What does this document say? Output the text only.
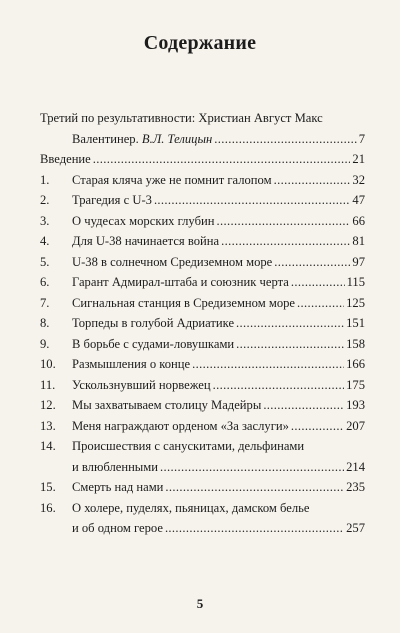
Содержание
Третий по результативности: Христиан Август Макс
Валентинер. В.Л. Телицын . . .	7
Введение . . .	21
1.	Старая кляча уже не помнит галопом . . .	32
2.	Трагедия с U-3 . . .	47
3.	О чудесах морских глубин . . .	66
4.	Для U-38 начинается война . . .	81
5.	U-38 в солнечном Средиземном море . . .	97
6.	Гарант Адмирал-штаба и союзник черта . . .	115
7.	Сигнальная станция в Средиземном море . . .	125
8.	Торпеды в голубой Адриатике . . .	151
9.	В борьбе с судами-ловушками . . .	158
10.	Размышления о конце . . .	166
11.	Ускользнувший норвежец . . .	175
12.	Мы захватываем столицу Мадейры . . .	193
13.	Меня награждают орденом «За заслуги» . . .	207
14.	Происшествия с санускитами, дельфинами
и влюбленными . . .	214
15.	Смерть над нами . . .	235
16.	О холере, пуделях, пьяницах, дамском белье
и об одном герое . . .	257
5
